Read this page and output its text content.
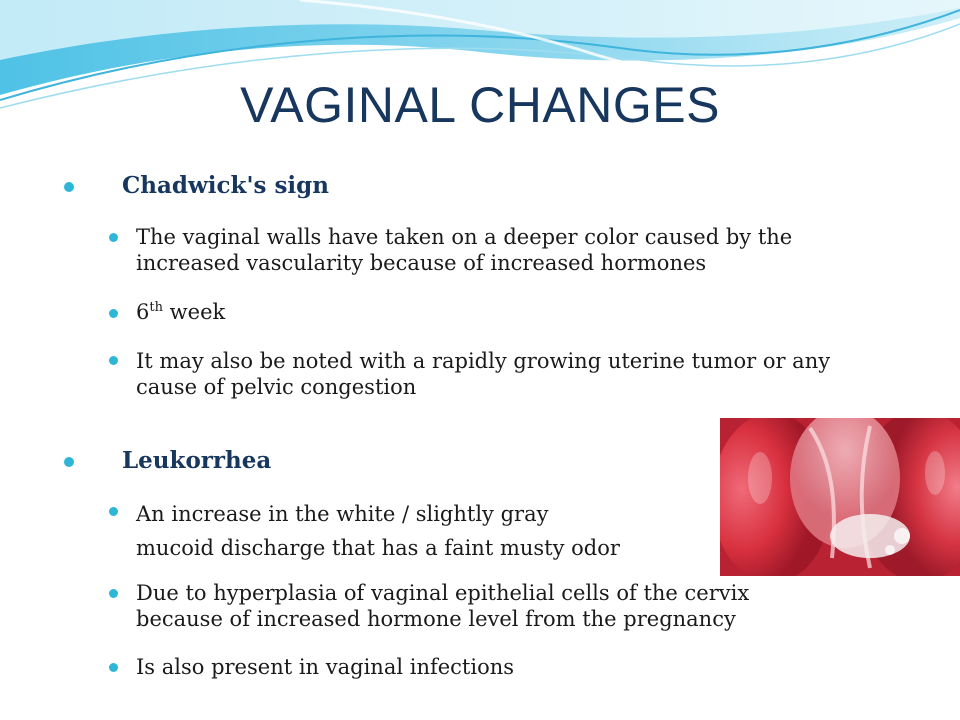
VAGINAL CHANGES
Chadwick's sign
The vaginal walls have taken on a deeper color caused by the
increased vascularity because of increased hormones
6th week
It may also be noted with a rapidly growing uterine tumor or any
cause of pelvic congestion
Leukorrhea
An increase in the white / slightly gray
mucoid discharge that has a faint musty odor
Due to hyperplasia of vaginal epithelial cells of the cervix
because of increased hormone level from the pregnancy
Is also present in vaginal infections
